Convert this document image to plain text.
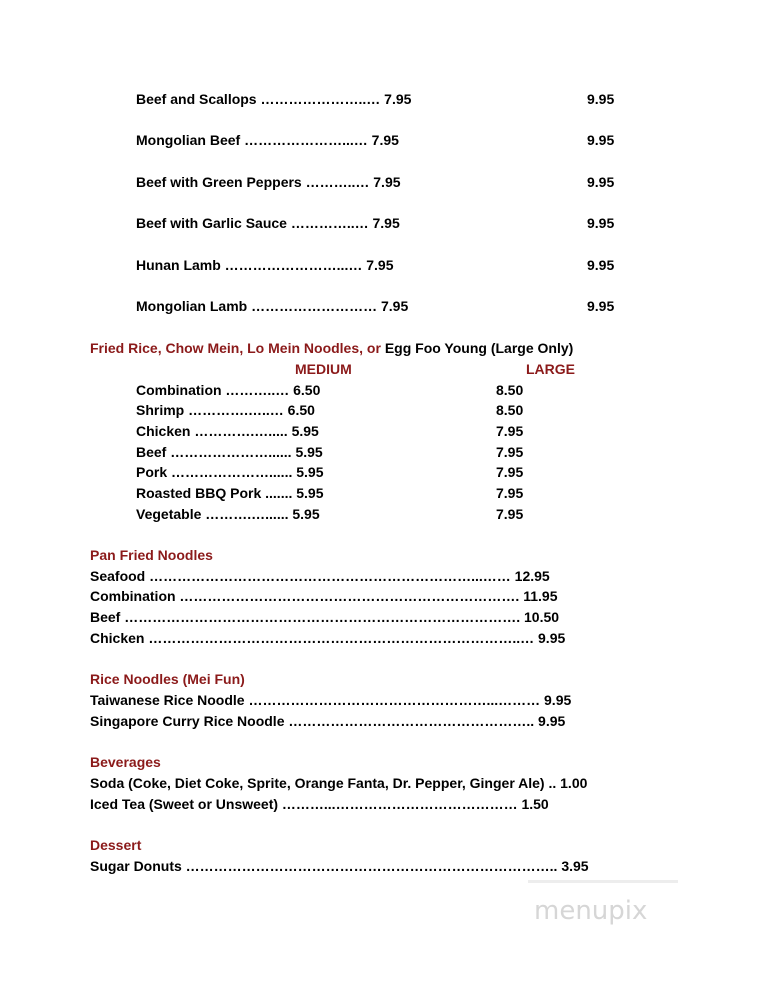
Beef and Scallops …………………..… 7.95	9.95
Mongolian Beef …………………...… 7.95	9.95
Beef with Green Peppers ………..… 7.95	9.95
Beef with Garlic Sauce …………..… 7.95	9.95
Hunan Lamb ……………………...… 7.95	9.95
Mongolian Lamb ……………………… 7.95	9.95
Fried Rice, Chow Mein, Lo Mein Noodles, or Egg Foo Young (Large Only)
MEDIUM	LARGE
Combination ………..… 6.50	8.50
Shrimp ………….…..… 6.50	8.50
Chicken ………….…..... 5.95	7.95
Beef …………………...... 5.95	7.95
Pork …………………...... 5.95	7.95
Roasted BBQ Pork ....... 5.95	7.95
Vegetable ……….…...... 5.95	7.95
Pan Fried Noodles
Seafood ……………………………………………………………...…… 12.95
Combination ………………………………………………………………. 11.95
Beef …………………………………………………………………………. 10.50
Chicken ……………………………………………………………………..… 9.95
Rice Noodles (Mei Fun)
Taiwanese Rice Noodle ……………………………………………...……… 9.95
Singapore Curry Rice Noodle …………………………………………….. 9.95
Beverages
Soda (Coke, Diet Coke, Sprite, Orange Fanta, Dr. Pepper, Ginger Ale) .. 1.00
Iced Tea (Sweet or Unsweet) ………...………………………………… 1.50
Dessert
Sugar Donuts …………………………………………………………………….. 3.95
menupix
